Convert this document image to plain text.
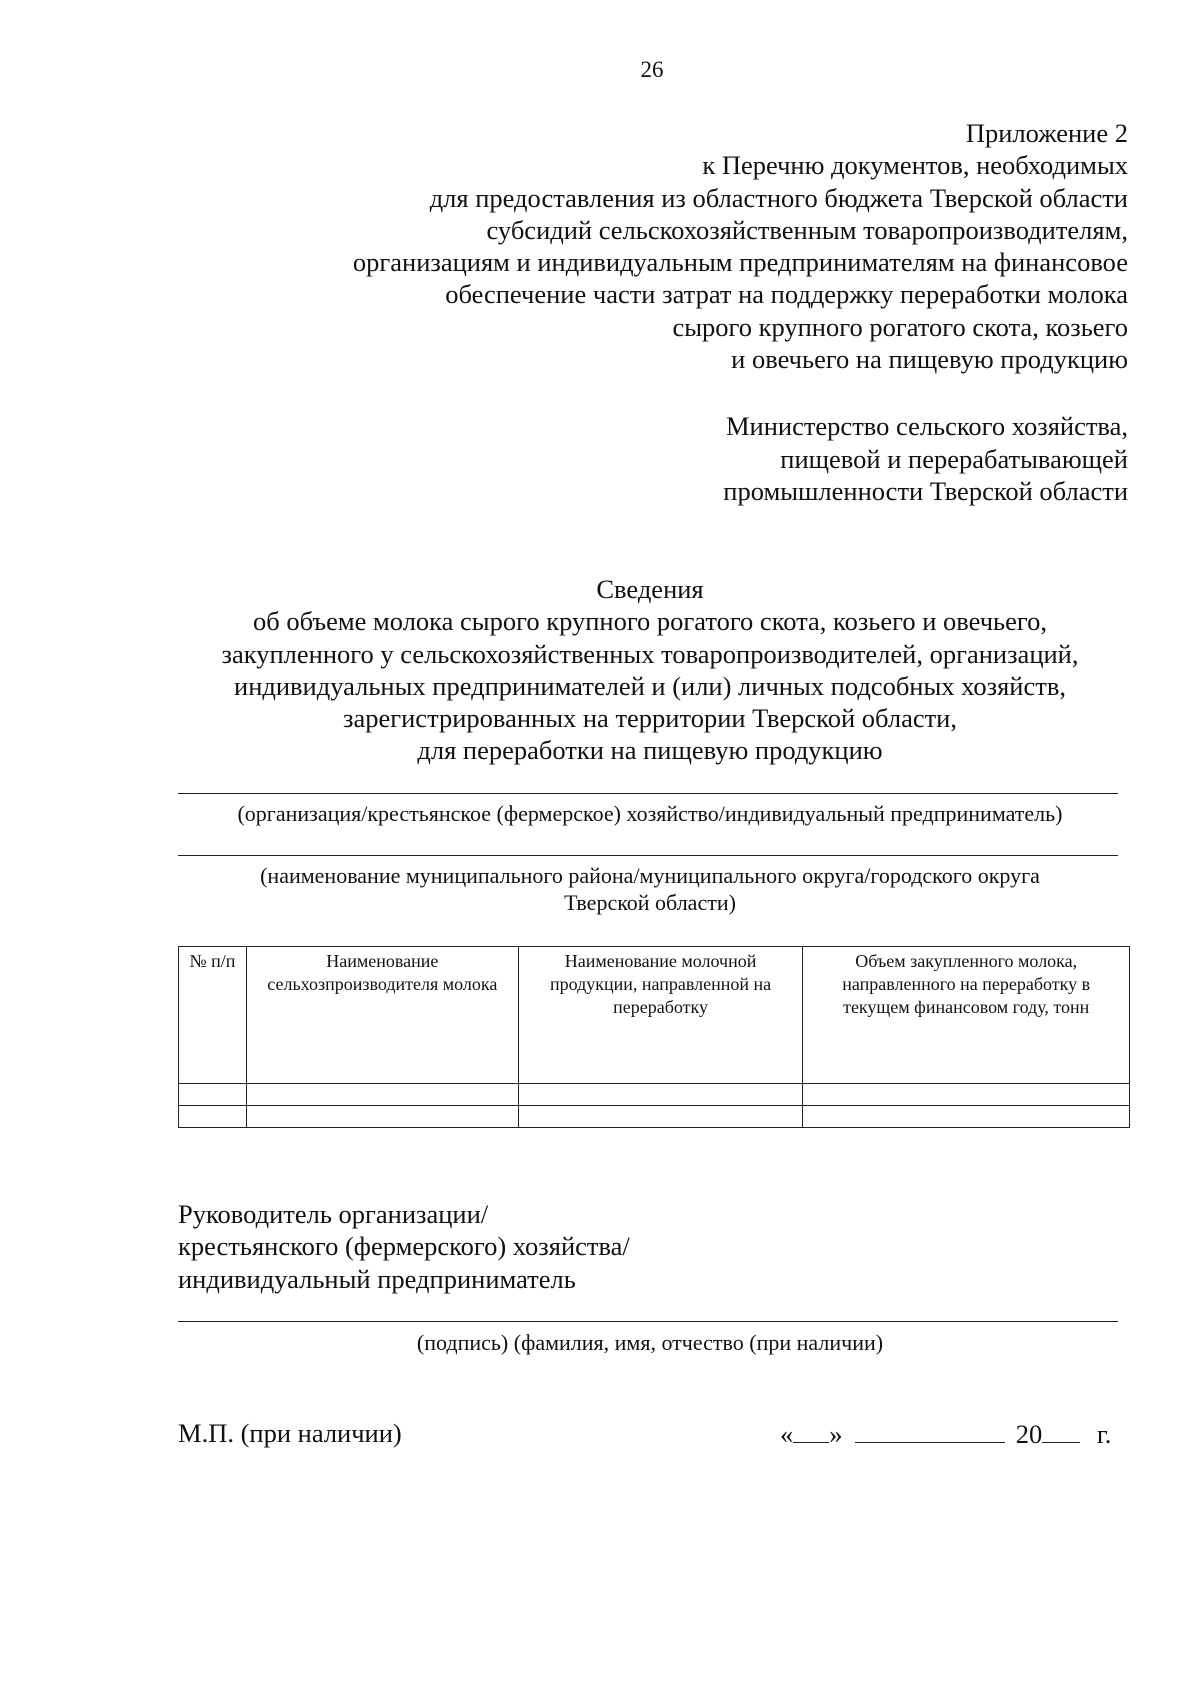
26
Приложение 2
к Перечню документов, необходимых
для предоставления из областного бюджета Тверской области
субсидий сельскохозяйственным товаропроизводителям,
организациям и индивидуальным предпринимателям на финансовое
обеспечение части затрат на поддержку переработки молока
сырого крупного рогатого скота, козьего
и овечьего на пищевую продукцию
Министерство сельского хозяйства,
пищевой и перерабатывающей
промышленности Тверской области
Сведения
об объеме молока сырого крупного рогатого скота, козьего и овечьего,
закупленного у сельскохозяйственных товаропроизводителей, организаций,
индивидуальных предпринимателей и (или) личных подсобных хозяйств,
зарегистрированных на территории Тверской области,
для переработки на пищевую продукцию
(организация/крестьянское (фермерское) хозяйство/индивидуальный предприниматель)
(наименование муниципального района/муниципального округа/городского округа
Тверской области)
№ п/п	Наименование сельхозпроизводителя молока	Наименование молочной продукции, направленной на переработку	Объем закупленного молока, направленного на переработку в текущем финансовом году, тонн

Руководитель организации/
крестьянского (фермерского) хозяйства/
индивидуальный предприниматель
(подпись) (фамилия, имя, отчество (при наличии)
М.П. (при наличии)	« »	20 г.
